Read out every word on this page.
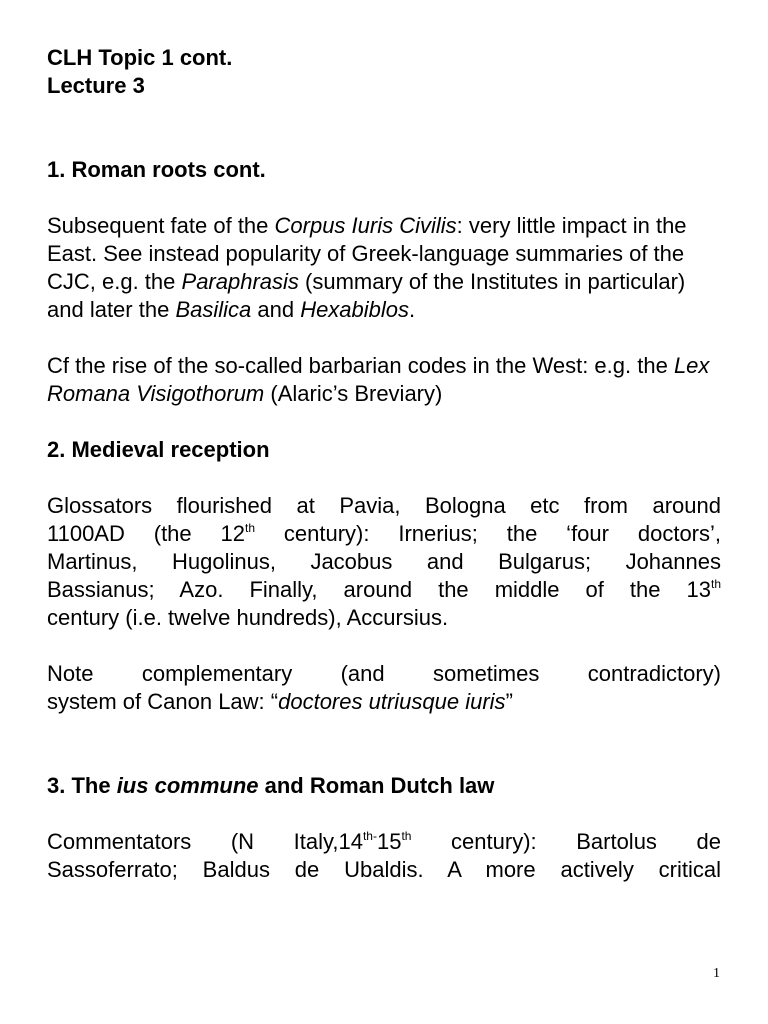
CLH Topic 1 cont.
Lecture 3
1. Roman roots cont.

Subsequent fate of the Corpus Iuris Civilis: very little impact in the East. See instead popularity of Greek-language summaries of the CJC, e.g. the Paraphrasis (summary of the Institutes in particular) and later the Basilica and Hexabiblos.

Cf the rise of the so-called barbarian codes in the West: e.g. the Lex Romana Visigothorum (Alaric’s Breviary)

2. Medieval reception
Glossators flourished at Pavia, Bologna etc from around
1100AD (the 12th century): Irnerius; the ‘four doctors’,
Martinus, Hugolinus, Jacobus and Bulgarus; Johannes
Bassianus; Azo. Finally, around the middle of the 13th
century (i.e. twelve hundreds), Accursius.
Note complementary (and sometimes contradictory)
system of Canon Law: “doctores utriusque iuris”
3. The ius commune and Roman Dutch law
Commentators (N $Italy,14^{th-}15th$ century): Bartolus de
Sassoferrato; Baldus de Ubaldis. A more actively critical
1
